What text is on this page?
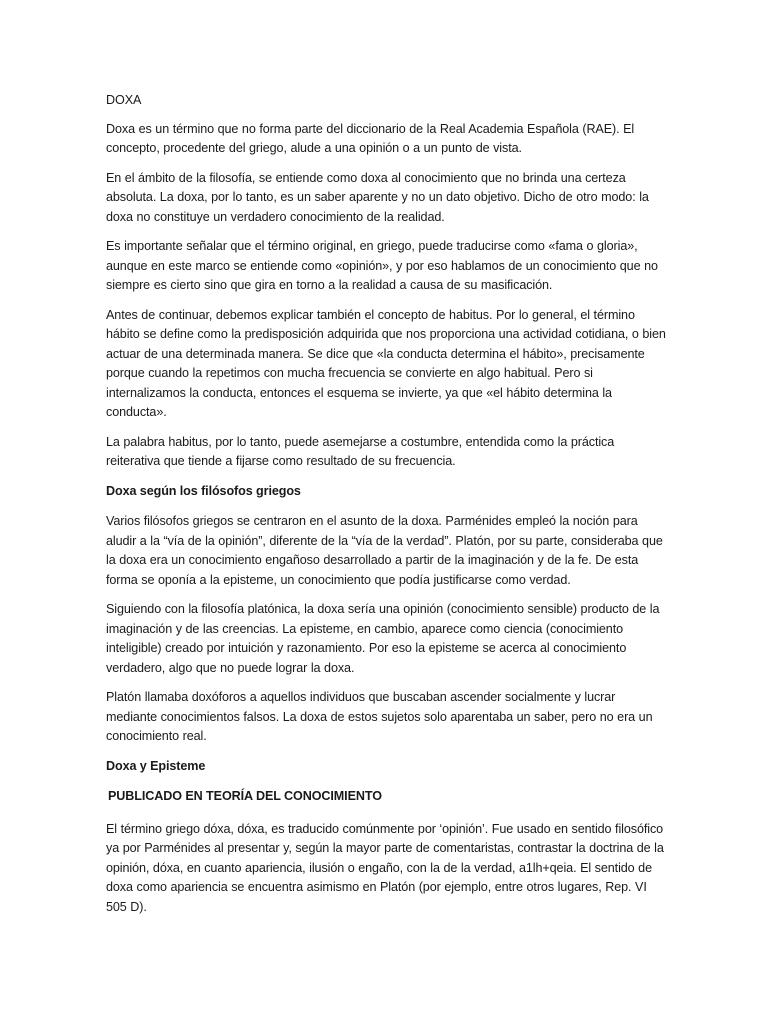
DOXA

Doxa es un término que no forma parte del diccionario de la Real Academia Española (RAE). El concepto, procedente del griego, alude a una opinión o a un punto de vista.

En el ámbito de la filosofía, se entiende como doxa al conocimiento que no brinda una certeza absoluta. La doxa, por lo tanto, es un saber aparente y no un dato objetivo. Dicho de otro modo: la doxa no constituye un verdadero conocimiento de la realidad.

Es importante señalar que el término original, en griego, puede traducirse como «fama o gloria», aunque en este marco se entiende como «opinión», y por eso hablamos de un conocimiento que no siempre es cierto sino que gira en torno a la realidad a causa de su masificación.

Antes de continuar, debemos explicar también el concepto de habitus. Por lo general, el término hábito se define como la predisposición adquirida que nos proporciona una actividad cotidiana, o bien actuar de una determinada manera. Se dice que «la conducta determina el hábito», precisamente porque cuando la repetimos con mucha frecuencia se convierte en algo habitual. Pero si internalizamos la conducta, entonces el esquema se invierte, ya que «el hábito determina la conducta».

La palabra habitus, por lo tanto, puede asemejarse a costumbre, entendida como la práctica reiterativa que tiende a fijarse como resultado de su frecuencia.

Doxa según los filósofos griegos

Varios filósofos griegos se centraron en el asunto de la doxa. Parménides empleó la noción para aludir a la “vía de la opinión”, diferente de la “vía de la verdad”. Platón, por su parte, consideraba que la doxa era un conocimiento engañoso desarrollado a partir de la imaginación y de la fe. De esta forma se oponía a la episteme, un conocimiento que podía justificarse como verdad.

Siguiendo con la filosofía platónica, la doxa sería una opinión (conocimiento sensible) producto de la imaginación y de las creencias. La episteme, en cambio, aparece como ciencia (conocimiento inteligible) creado por intuición y razonamiento. Por eso la episteme se acerca al conocimiento verdadero, algo que no puede lograr la doxa.

Platón llamaba doxóforos a aquellos individuos que buscaban ascender socialmente y lucrar mediante conocimientos falsos. La doxa de estos sujetos solo aparentaba un saber, pero no era un conocimiento real.

Doxa y Episteme

PUBLICADO EN TEORÍA DEL CONOCIMIENTO

El término griego dóxa, dóxa, es traducido comúnmente por ‘opinión’. Fue usado en sentido filosófico ya por Parménides al presentar y, según la mayor parte de comentaristas, contrastar la doctrina de la opinión, dóxa, en cuanto apariencia, ilusión o engaño, con la de la verdad, a1lh+qeia. El sentido de doxa como apariencia se encuentra asimismo en Platón (por ejemplo, entre otros lugares, Rep. VI 505 D).
